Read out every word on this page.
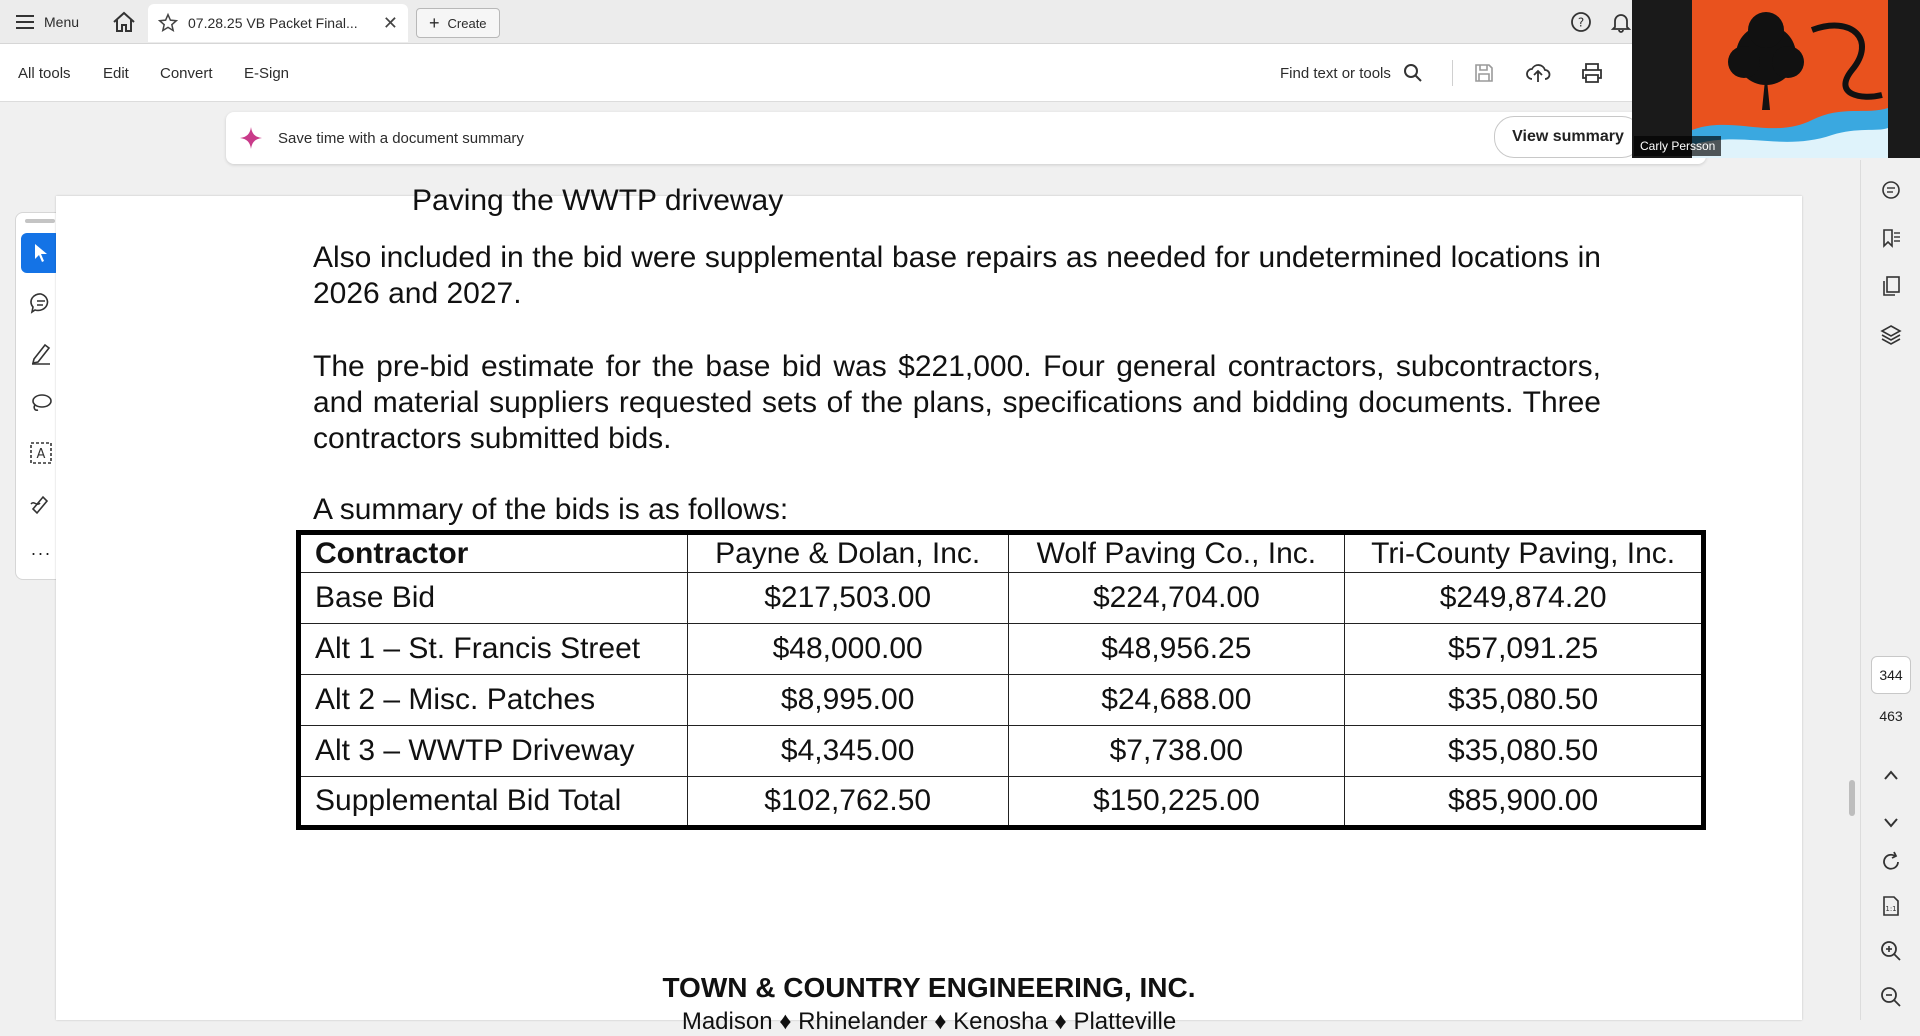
Menu	07.28.25 VB Packet Final...	✕ + Create	?
All tools Edit Convert E-Sign	Find text or tools
Save time with a document summary	View summary
A
···
Paving the WWTP driveway
Also included in the bid were supplemental base repairs as needed for undetermined locations in 2026 and 2027.
The pre-bid estimate for the base bid was $221,000. Four general contractors, subcontractors, and material suppliers requested sets of the plans, specifications and bidding documents. Three contractors submitted bids.
A summary of the bids is as follows:
Contractor	Payne & Dolan, Inc.	Wolf Paving Co., Inc.	Tri-County Paving, Inc.
Base Bid	$217,503.00	$224,704.00	$249,874.20
Alt 1 – St. Francis Street	$48,000.00	$48,956.25	$57,091.25
Alt 2 – Misc. Patches	$8,995.00	$24,688.00	$35,080.50
Alt 3 – WWTP Driveway	$4,345.00	$7,738.00	$35,080.50
Supplemental Bid Total	$102,762.50	$150,225.00	$85,900.00
TOWN & COUNTRY ENGINEERING, INC.
Madison ♦ Rhinelander ♦ Kenosha ♦ Platteville
1:1
344
463
Carly Persson
